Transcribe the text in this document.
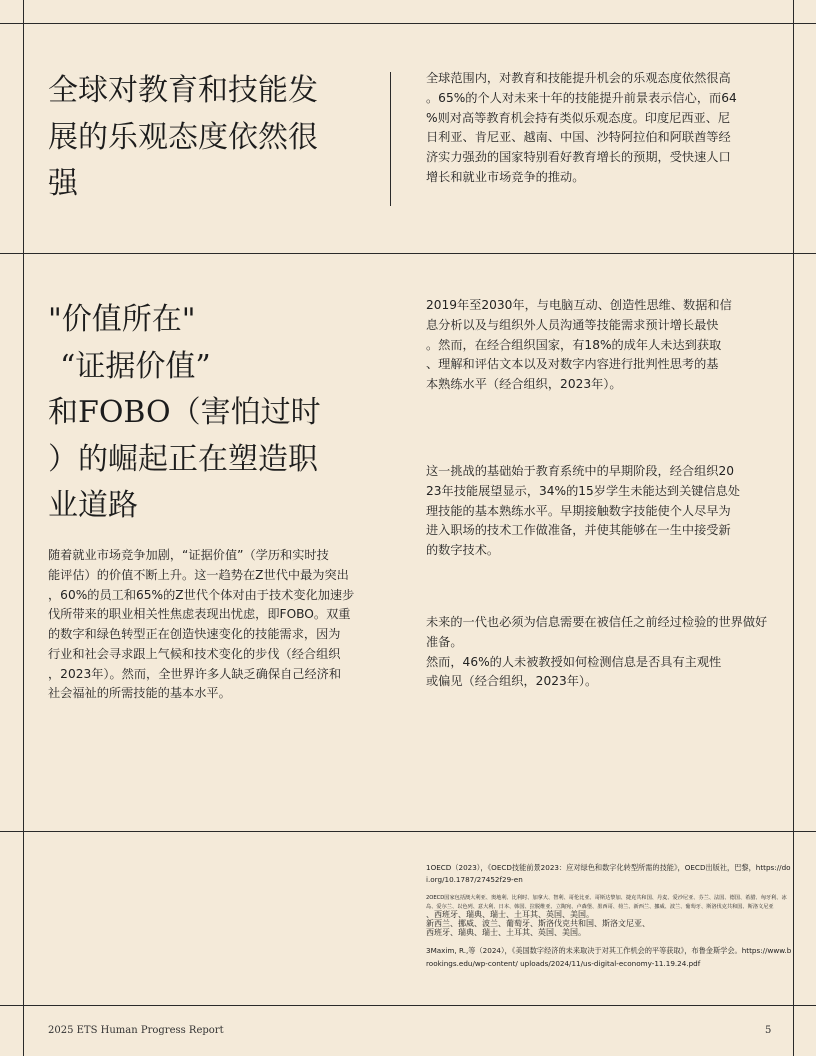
全球对教育和技能发
展的乐观态度依然很
强
全球范围内，对教育和技能提升机会的乐观态度依然很高
。65%的个人对未来十年的技能提升前景表示信心，而64
%则对高等教育机会持有类似乐观态度。印度尼西亚、尼
日利亚、肯尼亚、越南、中国、沙特阿拉伯和阿联酋等经
济实力强劲的国家特别看好教育增长的预期，受快速人口
增长和就业市场竞争的推动。
"价值所在"
“证据价值”
和FOBO（害怕过时
）的崛起正在塑造职
业道路
随着就业市场竞争加剧，“证据价值”（学历和实时技
能评估）的价值不断上升。这一趋势在Z世代中最为突出
，60%的员工和65%的Z世代个体对由于技术变化加速步
伐所带来的职业相关性焦虑表现出忧虑，即FOBO。双重
的数字和绿色转型正在创造快速变化的技能需求，因为
行业和社会寻求跟上气候和技术变化的步伐（经合组织
，2023年）。然而，全世界许多人缺乏确保自己经济和
社会福祉的所需技能的基本水平。
2019年至2030年，与电脑互动、创造性思维、数据和信
息分析以及与组织外人员沟通等技能需求预计增长最快
。然而，在经合组织国家，有18%的成年人未达到获取
、理解和评估文本以及对数字内容进行批判性思考的基
本熟练水平（经合组织，2023年）。
这一挑战的基础始于教育系统中的早期阶段，经合组织20
23年技能展望显示，34%的15岁学生未能达到关键信息处
理技能的基本熟练水平。早期接触数字技能使个人尽早为
进入职场的技术工作做准备，并使其能够在一生中接受新
的数字技术。
未来的一代也必须为信息需要在被信任之前经过检验的世界做好
准备。
然而，46%的人未被教授如何检测信息是否具有主观性
或偏见（经合组织，2023年）。

1OECD（2023），《OECD技能前景2023：应对绿色和数字化转型所需的技能》，OECD出版社，巴黎，https://doi.org/10.1787/27452f29-en

2OECD国家包括澳大利亚、奥地利、比利时、加拿大、智利、哥伦比亚、哥斯达黎加、捷克共和国、丹麦、爱沙尼亚、芬兰、法国、德国、希腊、匈牙利、冰岛、爱尔兰、以色列、意大利、日本、韩国、拉脱维亚、立陶宛、卢森堡、墨西哥、荷兰、新西兰、挪威、波兰、葡萄牙、斯洛伐克共和国、斯洛文尼亚
、西班牙、瑞典、瑞士、土耳其、英国、美国。
新西兰、挪威、波兰、葡萄牙、斯洛伐克共和国、斯洛文尼亚、
西班牙、瑞典、瑞士、土耳其、英国、美国。

3Maxim, R.,等（2024），《美国数字经济的未来取决于对其工作机会的平等获取》，布鲁金斯学会。https://www.brookings.edu/wp-content/ uploads/2024/11/us-digital-economy-11.19.24.pdf

2025 ETS Human Progress Report	5
